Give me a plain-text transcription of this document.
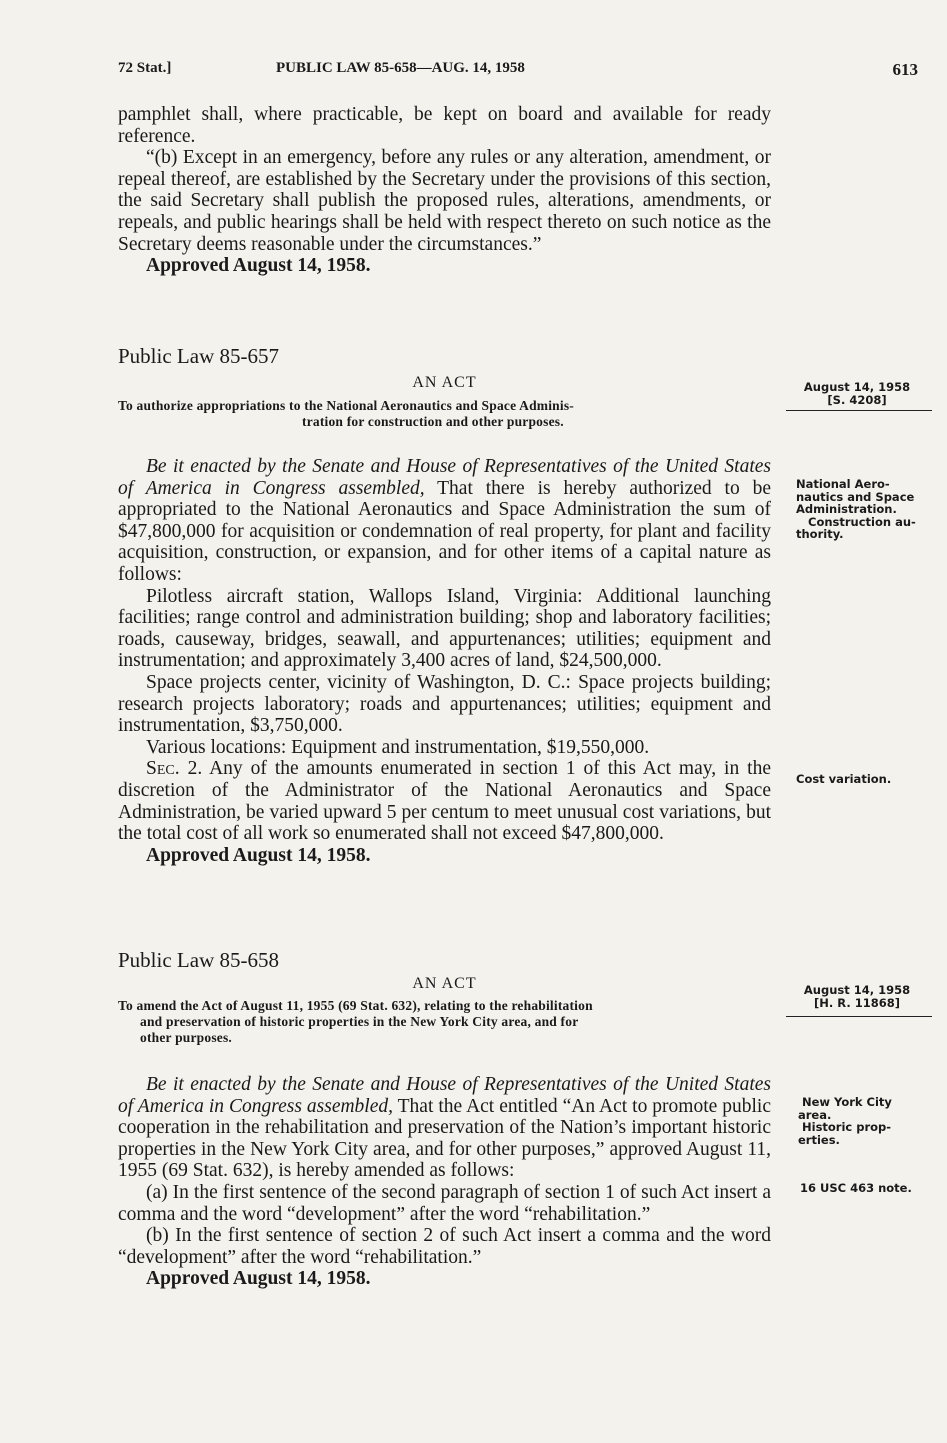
72 Stat.]	PUBLIC LAW 85-658—AUG. 14, 1958	613

pamphlet shall, where practicable, be kept on board and available for ready reference.

“(b) Except in an emergency, before any rules or any alteration, amendment, or repeal thereof, are established by the Secretary under the provisions of this section, the said Secretary shall publish the proposed rules, alterations, amendments, or repeals, and public hearings shall be held with respect thereto on such notice as the Secretary deems reasonable under the circumstances.”

Approved August 14, 1958.

Public Law 85-657
AN ACT
To authorize appropriations to the National Aeronautics and Space Adminis-
tration for construction and other purposes.
August 14, 1958
[S. 4208]

Be it enacted by the Senate and House of Representatives of the United States of America in Congress assembled, That there is hereby authorized to be appropriated to the National Aeronautics and Space Administration the sum of $47,800,000 for acquisition or condemnation of real property, for plant and facility acquisition, construction, or expansion, and for other items of a capital nature as follows:

Pilotless aircraft station, Wallops Island, Virginia: Additional launching facilities; range control and administration building; shop and laboratory facilities; roads, causeway, bridges, seawall, and appurtenances; utilities; equipment and instrumentation; and approximately 3,400 acres of land, $24,500,000.

Space projects center, vicinity of Washington, D. C.: Space projects building; research projects laboratory; roads and appurtenances; utilities; equipment and instrumentation, $3,750,000.

Various locations: Equipment and instrumentation, $19,550,000.

Sec. 2. Any of the amounts enumerated in section 1 of this Act may, in the discretion of the Administrator of the National Aeronautics and Space Administration, be varied upward 5 per centum to meet unusual cost variations, but the total cost of all work so enumerated shall not exceed $47,800,000.

Approved August 14, 1958.

National Aero-
nautics and Space
Administration.
Construction au-
thority.
Cost variation.
Public Law 85-658
AN ACT
To amend the Act of August 11, 1955 (69 Stat. 632), relating to the rehabilitation
and preservation of historic properties in the New York City area, and for
other purposes.
August 14, 1958
[H. R. 11868]

Be it enacted by the Senate and House of Representatives of the United States of America in Congress assembled, That the Act entitled “An Act to promote public cooperation in the rehabilitation and preservation of the Nation’s important historic properties in the New York City area, and for other purposes,” approved August 11, 1955 (69 Stat. 632), is hereby amended as follows:

(a) In the first sentence of the second paragraph of section 1 of such Act insert a comma and the word “development” after the word “rehabilitation.”

(b) In the first sentence of section 2 of such Act insert a comma and the word “development” after the word “rehabilitation.”

Approved August 14, 1958.

New York City
area.
Historic prop-
erties.
16 USC 463 note.
